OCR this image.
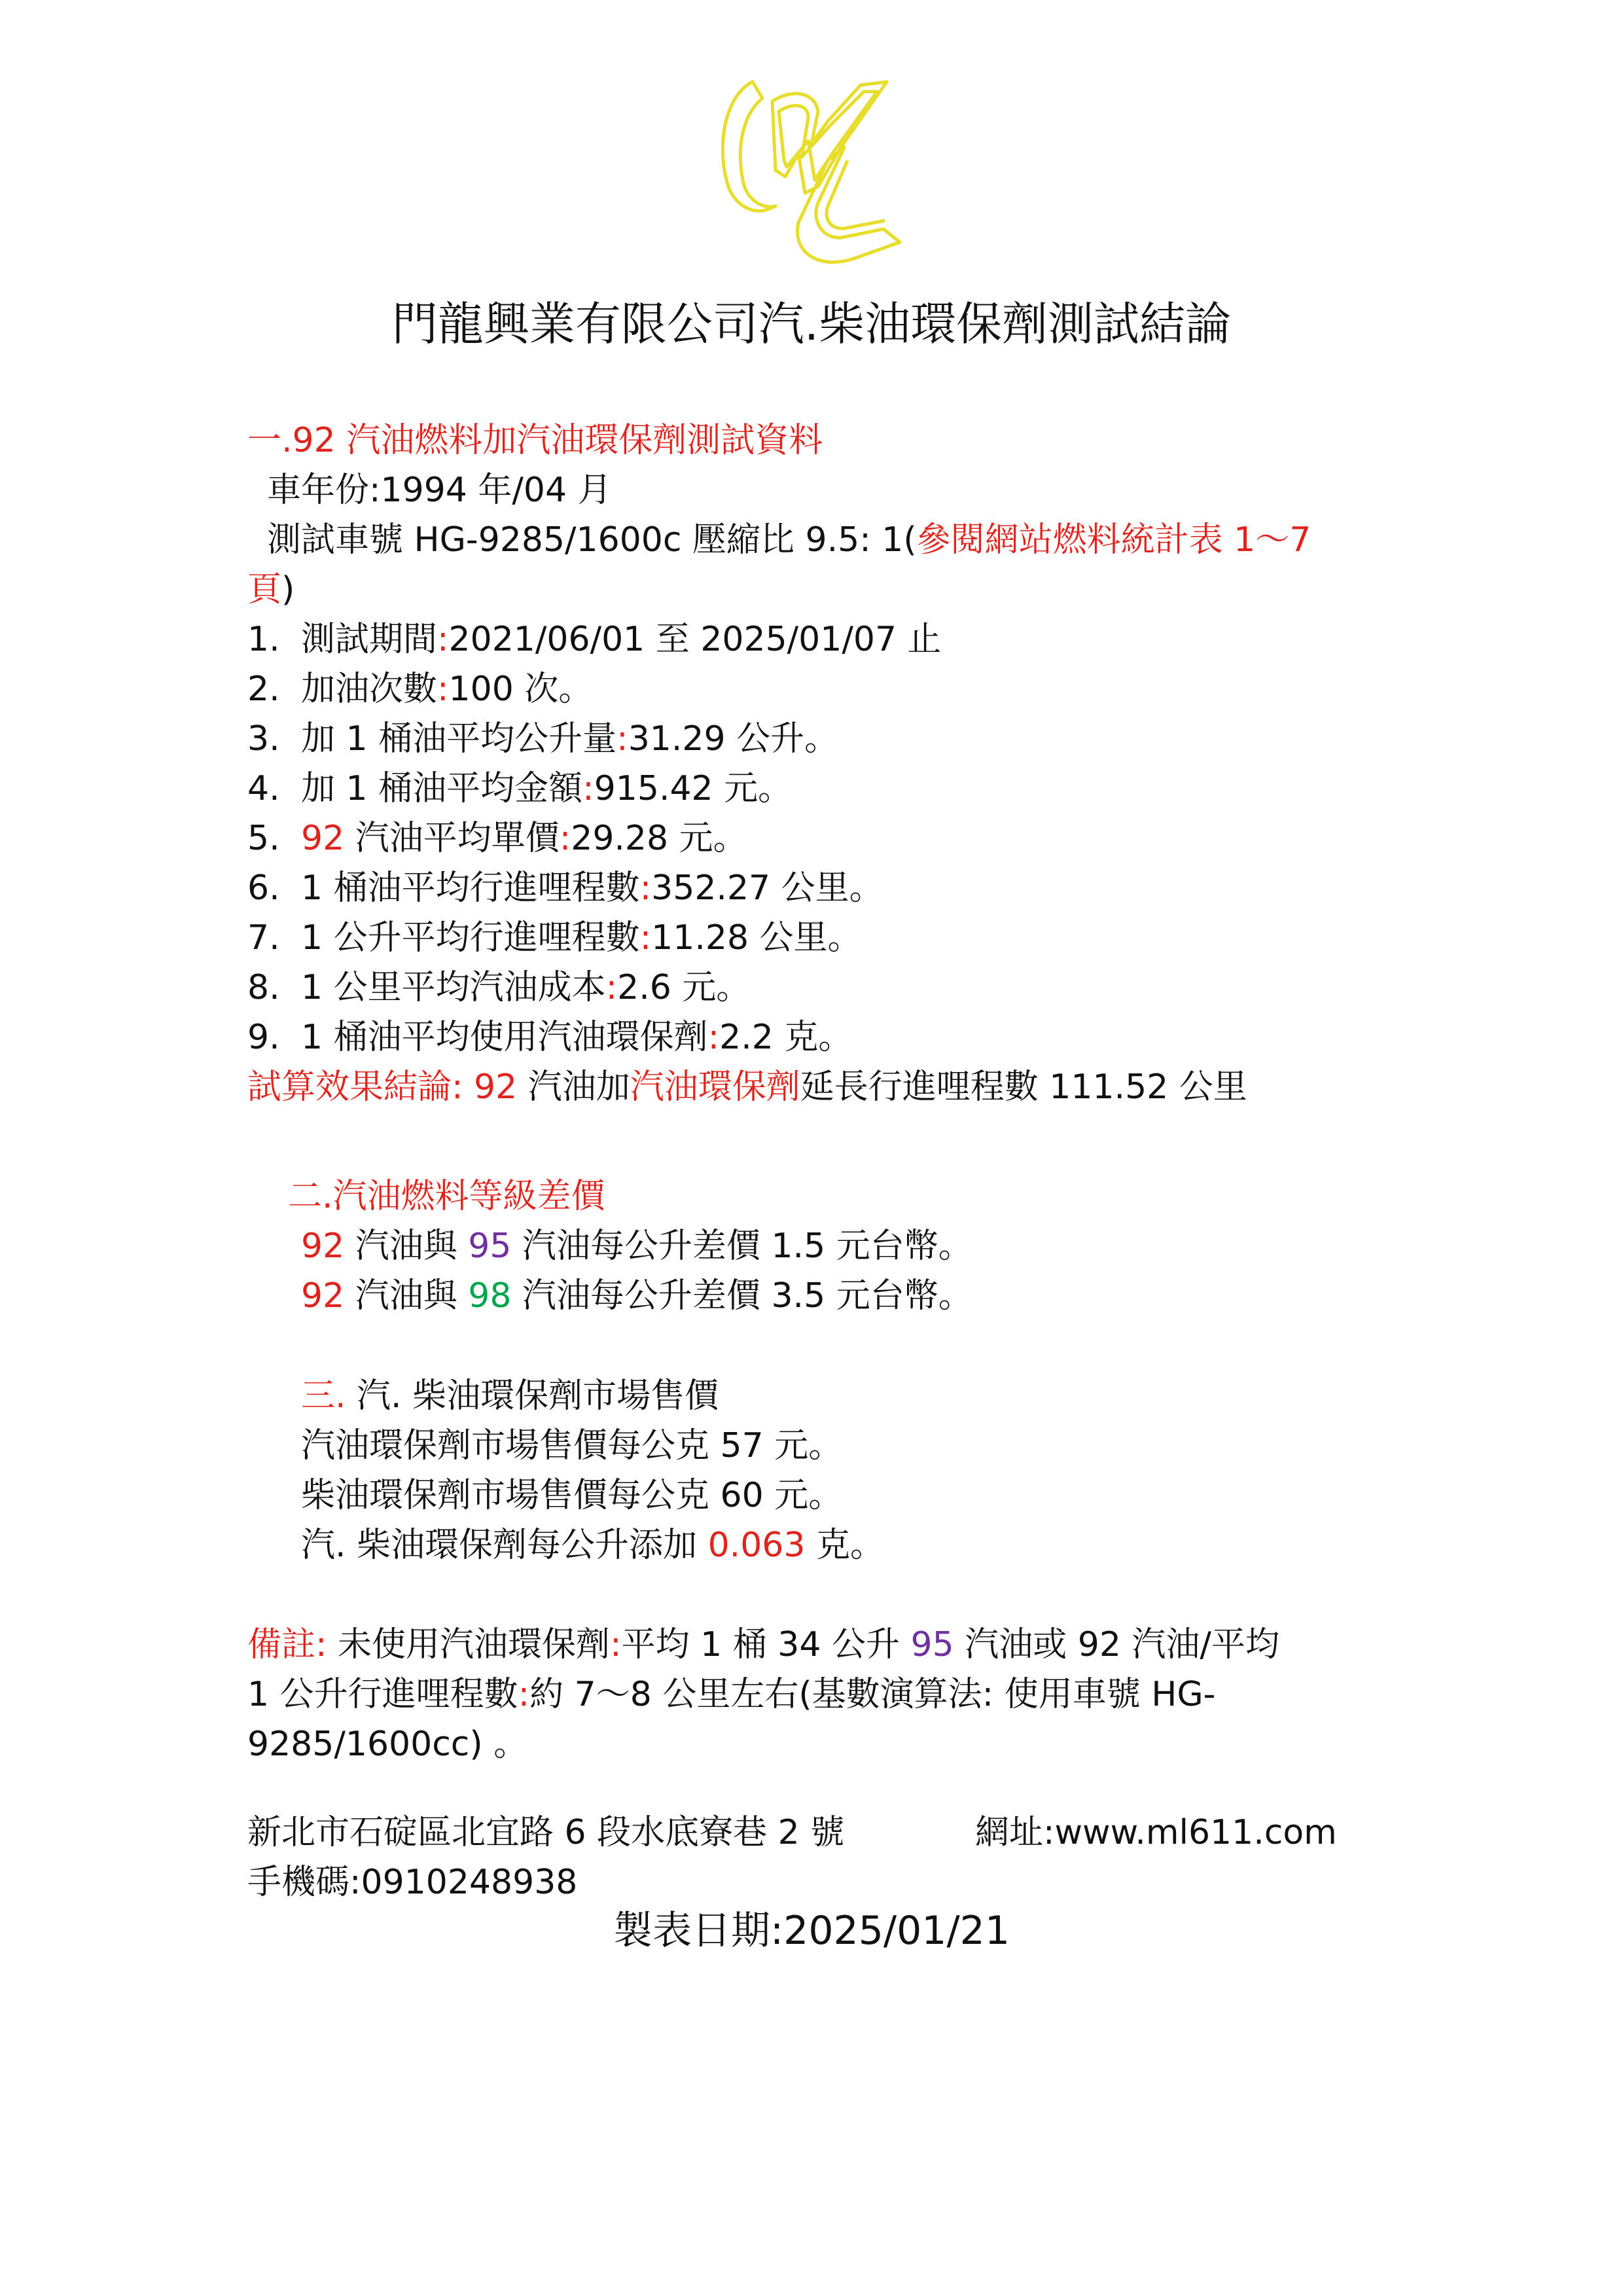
門龍興業有限公司汽.柴油環保劑測試結論
一.92 汽油燃料加汽油環保劑測試資料
車年份:1994 年/04 月
測試車號 HG-9285/1600c 壓縮比 9.5: 1(參閱網站燃料統計表 1～7
頁)
1. 測試期間:2021/06/01 至 2025/01/07 止
2. 加油次數:100 次。
3. 加 1 桶油平均公升量:31.29 公升。
4. 加 1 桶油平均金額:915.42 元。
5. 92 汽油平均單價:29.28 元。
6. 1 桶油平均行進哩程數:352.27 公里。
7. 1 公升平均行進哩程數:11.28 公里。
8. 1 公里平均汽油成本:2.6 元。
9. 1 桶油平均使用汽油環保劑:2.2 克。
試算效果結論: 92 汽油加汽油環保劑延長行進哩程數 111.52 公里
二.汽油燃料等級差價
92 汽油與 95 汽油每公升差價 1.5 元台幣。
92 汽油與 98 汽油每公升差價 3.5 元台幣。
三. 汽. 柴油環保劑市場售價
汽油環保劑市場售價每公克 57 元。
柴油環保劑市場售價每公克 60 元。
汽. 柴油環保劑每公升添加 0.063 克。
備註: 未使用汽油環保劑:平均 1 桶 34 公升 95 汽油或 92 汽油/平均
1 公升行進哩程數:約 7～8 公里左右(基數演算法: 使用車號 HG-
9285/1600cc) 。
新北市石碇區北宜路 6 段水底寮巷 2 號	網址:www.ml611.com
手機碼:0910248938
製表日期:2025/01/21
